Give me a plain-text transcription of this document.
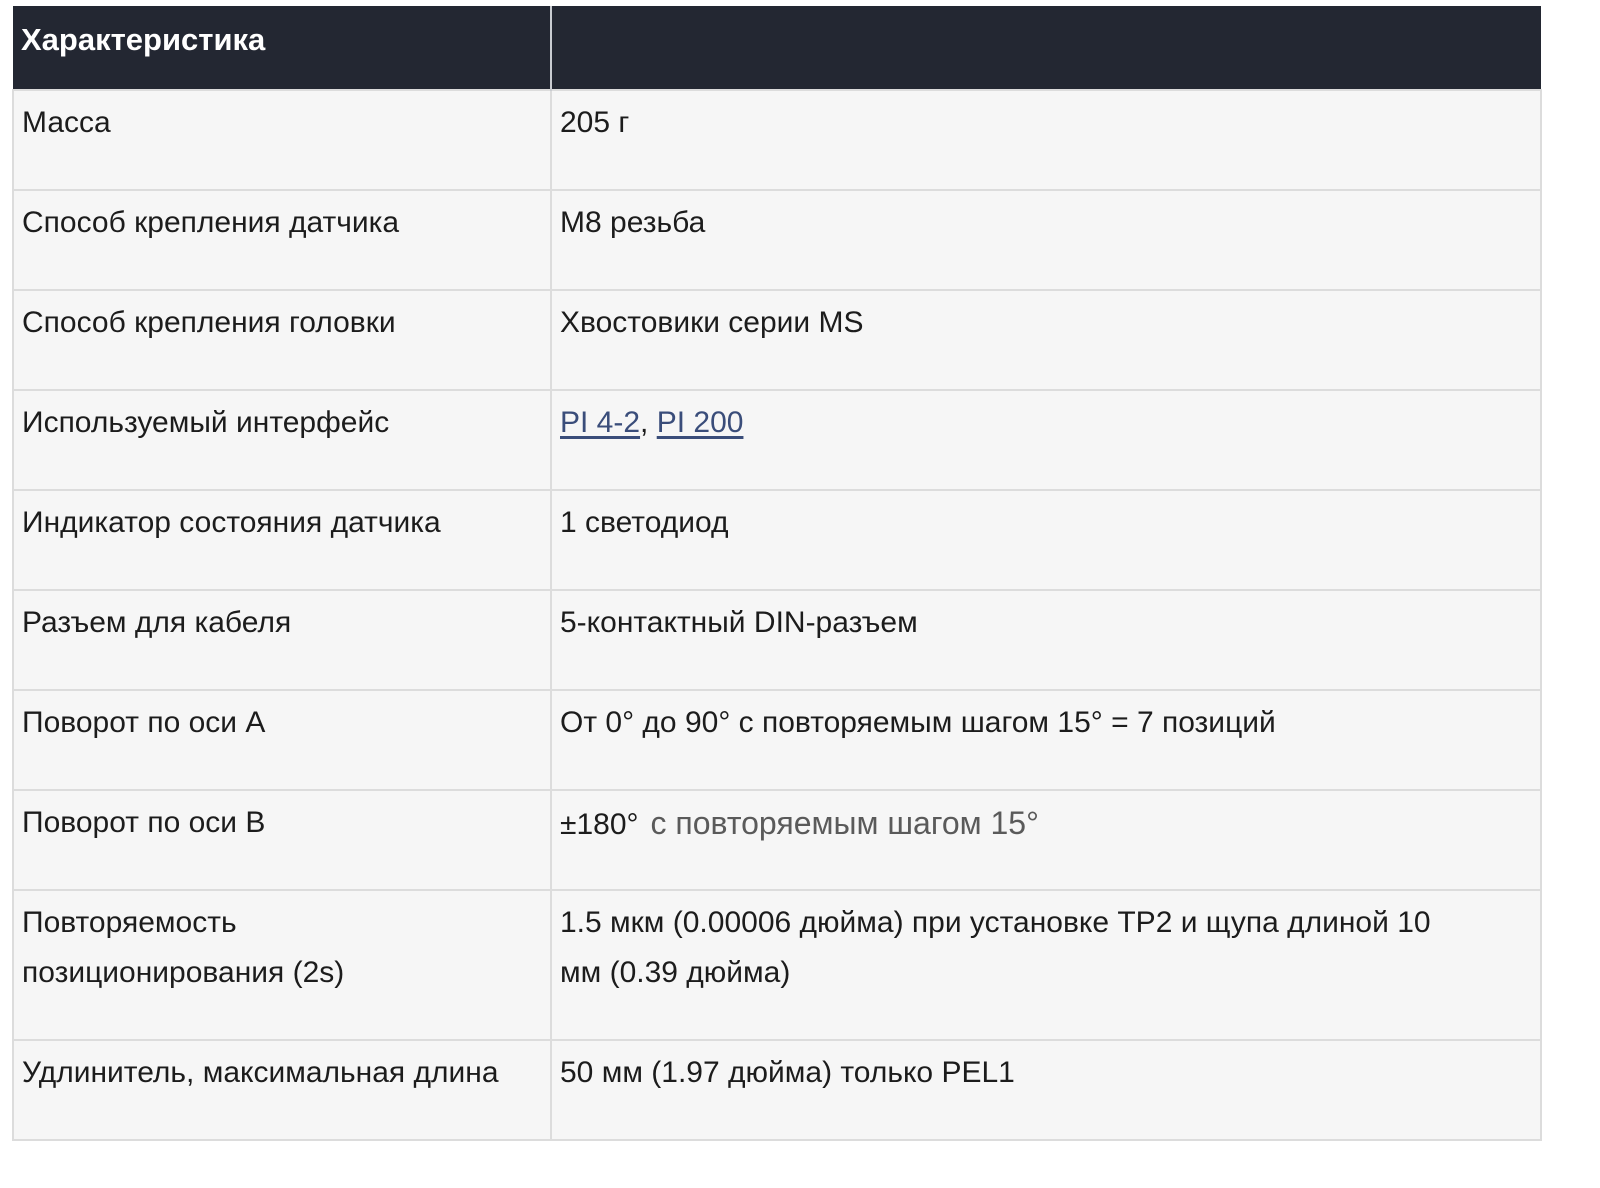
Характеристика	
Масса	205 г
Способ крепления датчика	M8 резьба
Способ крепления головки	Хвостовики серии MS
Используемый интерфейс	PI 4-2, PI 200
Индикатор состояния датчика	1 светодиод
Разъем для кабеля	5-контактный DIN-разъем
Поворот по оси А	От 0° до 90° с повторяемым шагом 15° = 7 позиций
Поворот по оси В	±180° с повторяемым шагом 15°
Повторяемость
позиционирования (2s)	1.5 мкм (0.00006 дюйма) при установке TP2 и щупа длиной 10
мм (0.39 дюйма)
Удлинитель, максимальная длина	50 мм (1.97 дюйма) только PEL1
